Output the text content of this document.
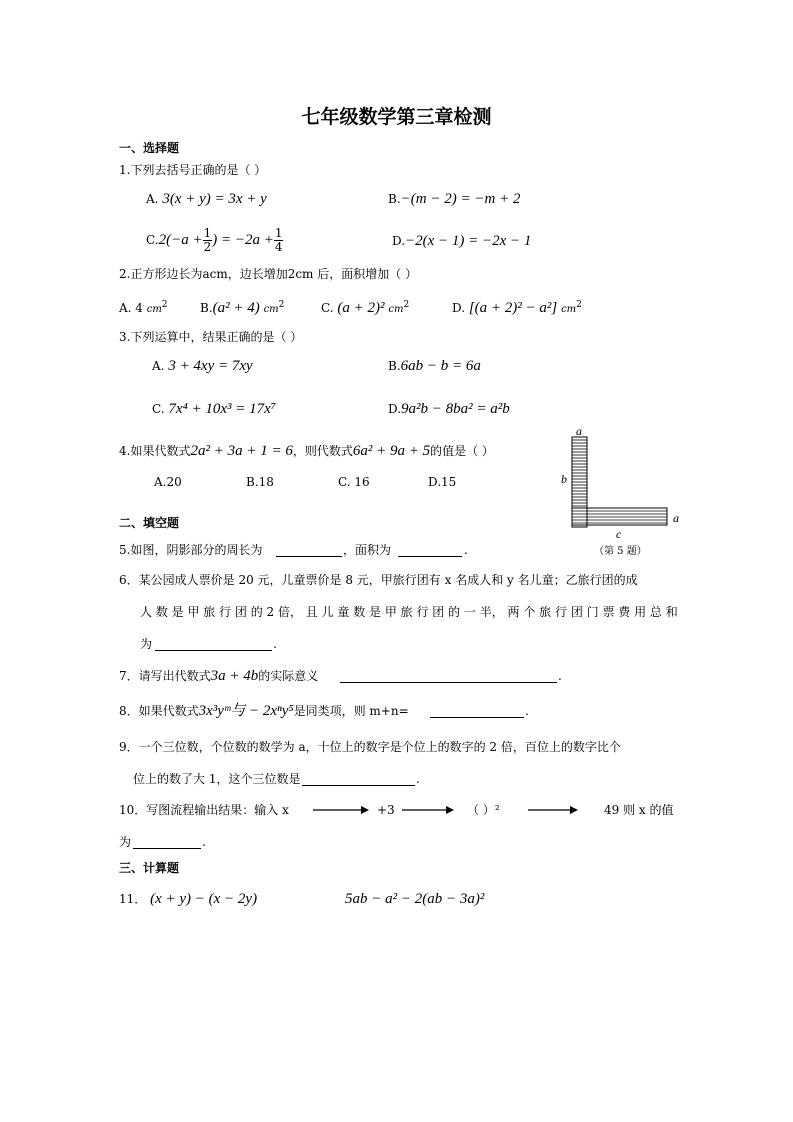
七年级数学第三章检测
一、选择题
1.下列去括号正确的是（ ）
A. 3(x + y) = 3x + y	B.−(m − 2) = −m + 2
$C.2(-a + \frac{1}{2}$ ) = $-2a + \frac{1}{4}$	D.−2(x − 1) = −2x − 1
2.正方形边长为acm，边长增加2cm 后，面积增加（ ）
A. 4 $cm^2$	B.(a² + 4) $cm^2$	C. (a + 2)² $cm^2$	D. [(a + 2)² − a²] $cm^2$
3.下列运算中，结果正确的是（ ）
A. 3 + 4xy = 7xy	B.6ab − b = 6a
C. 7x⁴ + 10x³ = 17x⁷	D.9a²b − 8ba² = a²b
4.如果代数式2a² + 3a + 1 = 6，则代数式6a² + 9a + 5的值是（ ）
A.20	B.18	C. 16	D.15
a
b
a
c
（第 5 题）
二、填空题
5.如图，阴影部分的周长为	，面积为	.
6．某公园成人票价是 20 元，儿童票价是 8 元，甲旅行团有 x 名成人和 y 名儿童；乙旅行团的成
人 数 是 甲 旅 行 团 的 2 倍， 且 儿 童 数 是 甲 旅 行 团 的 一 半， 两 个 旅 行 团 门 票 费 用 总 和
为	.
7．请写出代数式3a + 4b的实际意义	.
8．如果代数式3x³yᵐ与 − 2xⁿy⁵是同类项，则 m+n=	.
9．一个三位数，个位数的数学为 a，十位上的数字是个位上的数字的 2 倍，百位上的数字比个
位上的数了大 1，这个三位数是	.
10．写图流程输出结果：输入 x	+3	（ ）²	49 则 x 的值
为	.
三、计算题
11． (x + y) − (x − 2y)	5ab − a² − 2(ab − 3a)²
